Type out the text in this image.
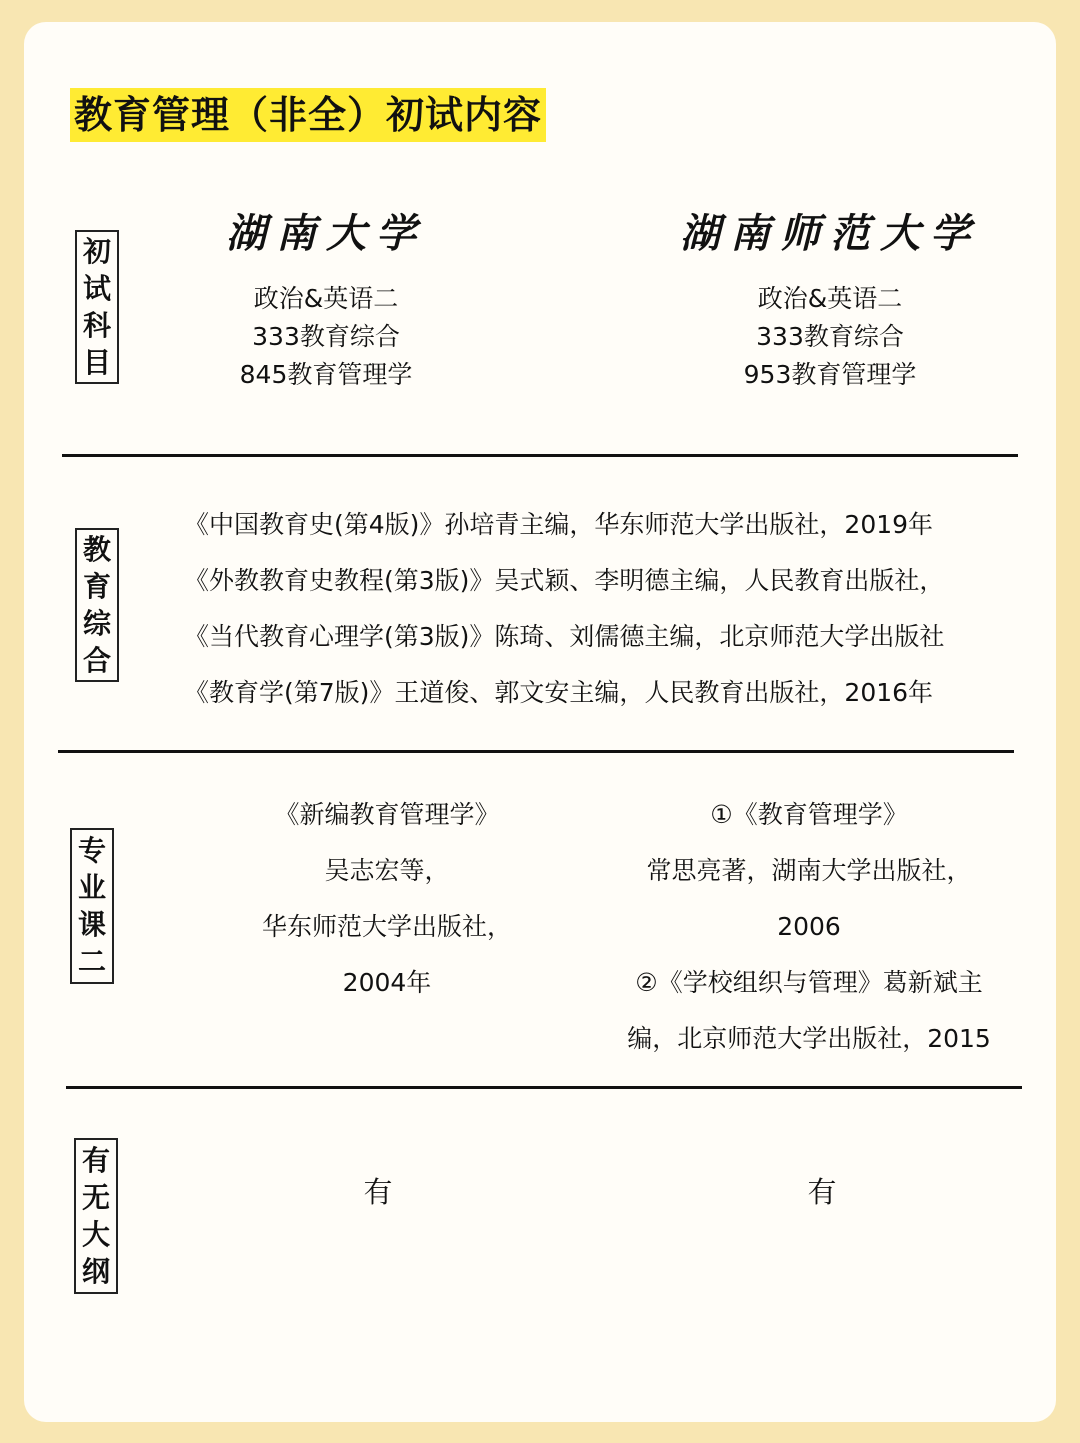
教育管理（非全）初试内容
初
试
科
目
教
育
综
合
专
业
课
二
有
无
大
纲
湖南大学	湖南师范大学
政治&英语二
333教育综合
845教育管理学
政治&英语二
333教育综合
953教育管理学
《中国教育史(第4版)》孙培青主编，华东师范大学出版社，2019年
《外教教育史教程(第3版)》吴式颖、李明德主编，人民教育出版社，
《当代教育心理学(第3版)》陈琦、刘儒德主编，北京师范大学出版社
《教育学(第7版)》王道俊、郭文安主编，人民教育出版社，2016年
《新编教育管理学》
吴志宏等，
华东师范大学出版社，
2004年
①《教育管理学》
常思亮著，湖南大学出版社，
2006
②《学校组织与管理》葛新斌主
编，北京师范大学出版社，2015
有	有
